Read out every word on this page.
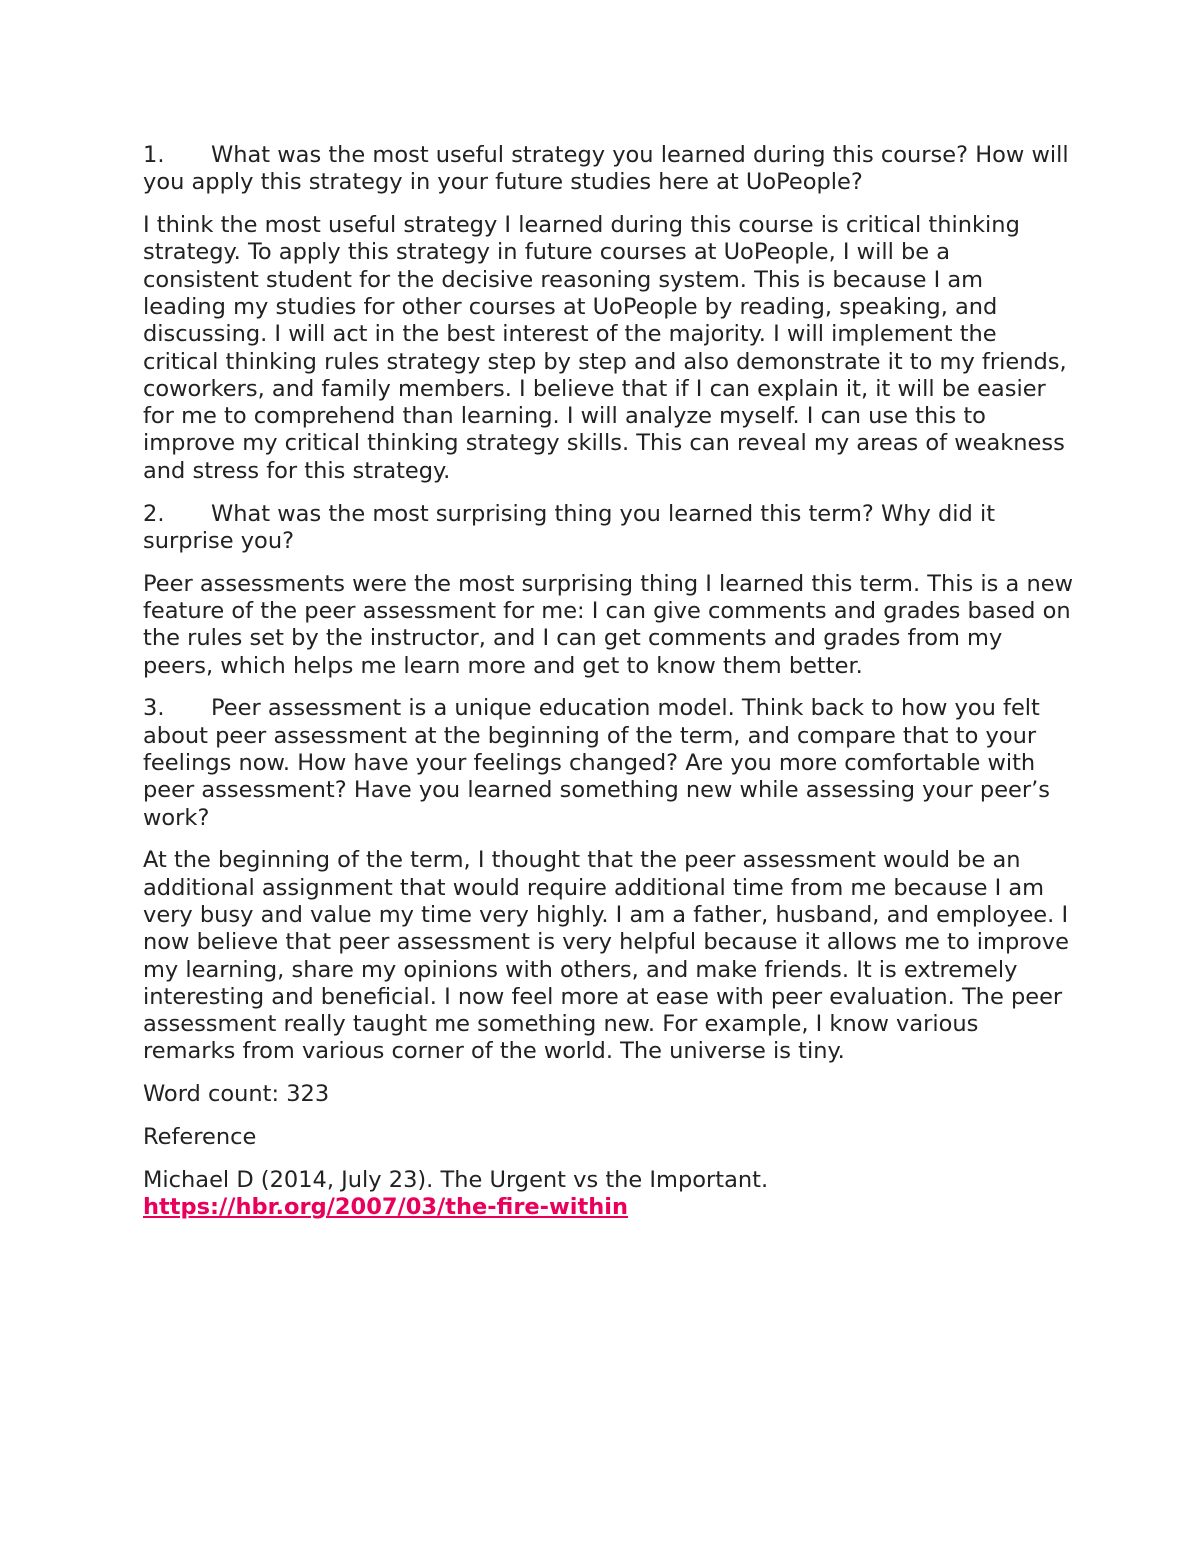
1. What was the most useful strategy you learned during this course? How will you apply this strategy in your future studies here at UoPeople?

I think the most useful strategy I learned during this course is critical thinking strategy. To apply this strategy in future courses at UoPeople, I will be a consistent student for the decisive reasoning system. This is because I am leading my studies for other courses at UoPeople by reading, speaking, and discussing. I will act in the best interest of the majority. I will implement the critical thinking rules strategy step by step and also demonstrate it to my friends, coworkers, and family members. I believe that if I can explain it, it will be easier for me to comprehend than learning. I will analyze myself. I can use this to improve my critical thinking strategy skills. This can reveal my areas of weakness and stress for this strategy.

2. What was the most surprising thing you learned this term? Why did it surprise you?

Peer assessments were the most surprising thing I learned this term. This is a new feature of the peer assessment for me: I can give comments and grades based on the rules set by the instructor, and I can get comments and grades from my peers, which helps me learn more and get to know them better.

3. Peer assessment is a unique education model. Think back to how you felt about peer assessment at the beginning of the term, and compare that to your feelings now. How have your feelings changed? Are you more comfortable with peer assessment? Have you learned something new while assessing your peer’s work?

At the beginning of the term, I thought that the peer assessment would be an additional assignment that would require additional time from me because I am very busy and value my time very highly. I am a father, husband, and employee. I now believe that peer assessment is very helpful because it allows me to improve my learning, share my opinions with others, and make friends. It is extremely interesting and beneficial. I now feel more at ease with peer evaluation. The peer assessment really taught me something new. For example, I know various remarks from various corner of the world. The universe is tiny.

Word count: 323

Reference

Michael D (2014, July 23). The Urgent vs the Important. https://hbr.org/2007/03/the-fire-within
